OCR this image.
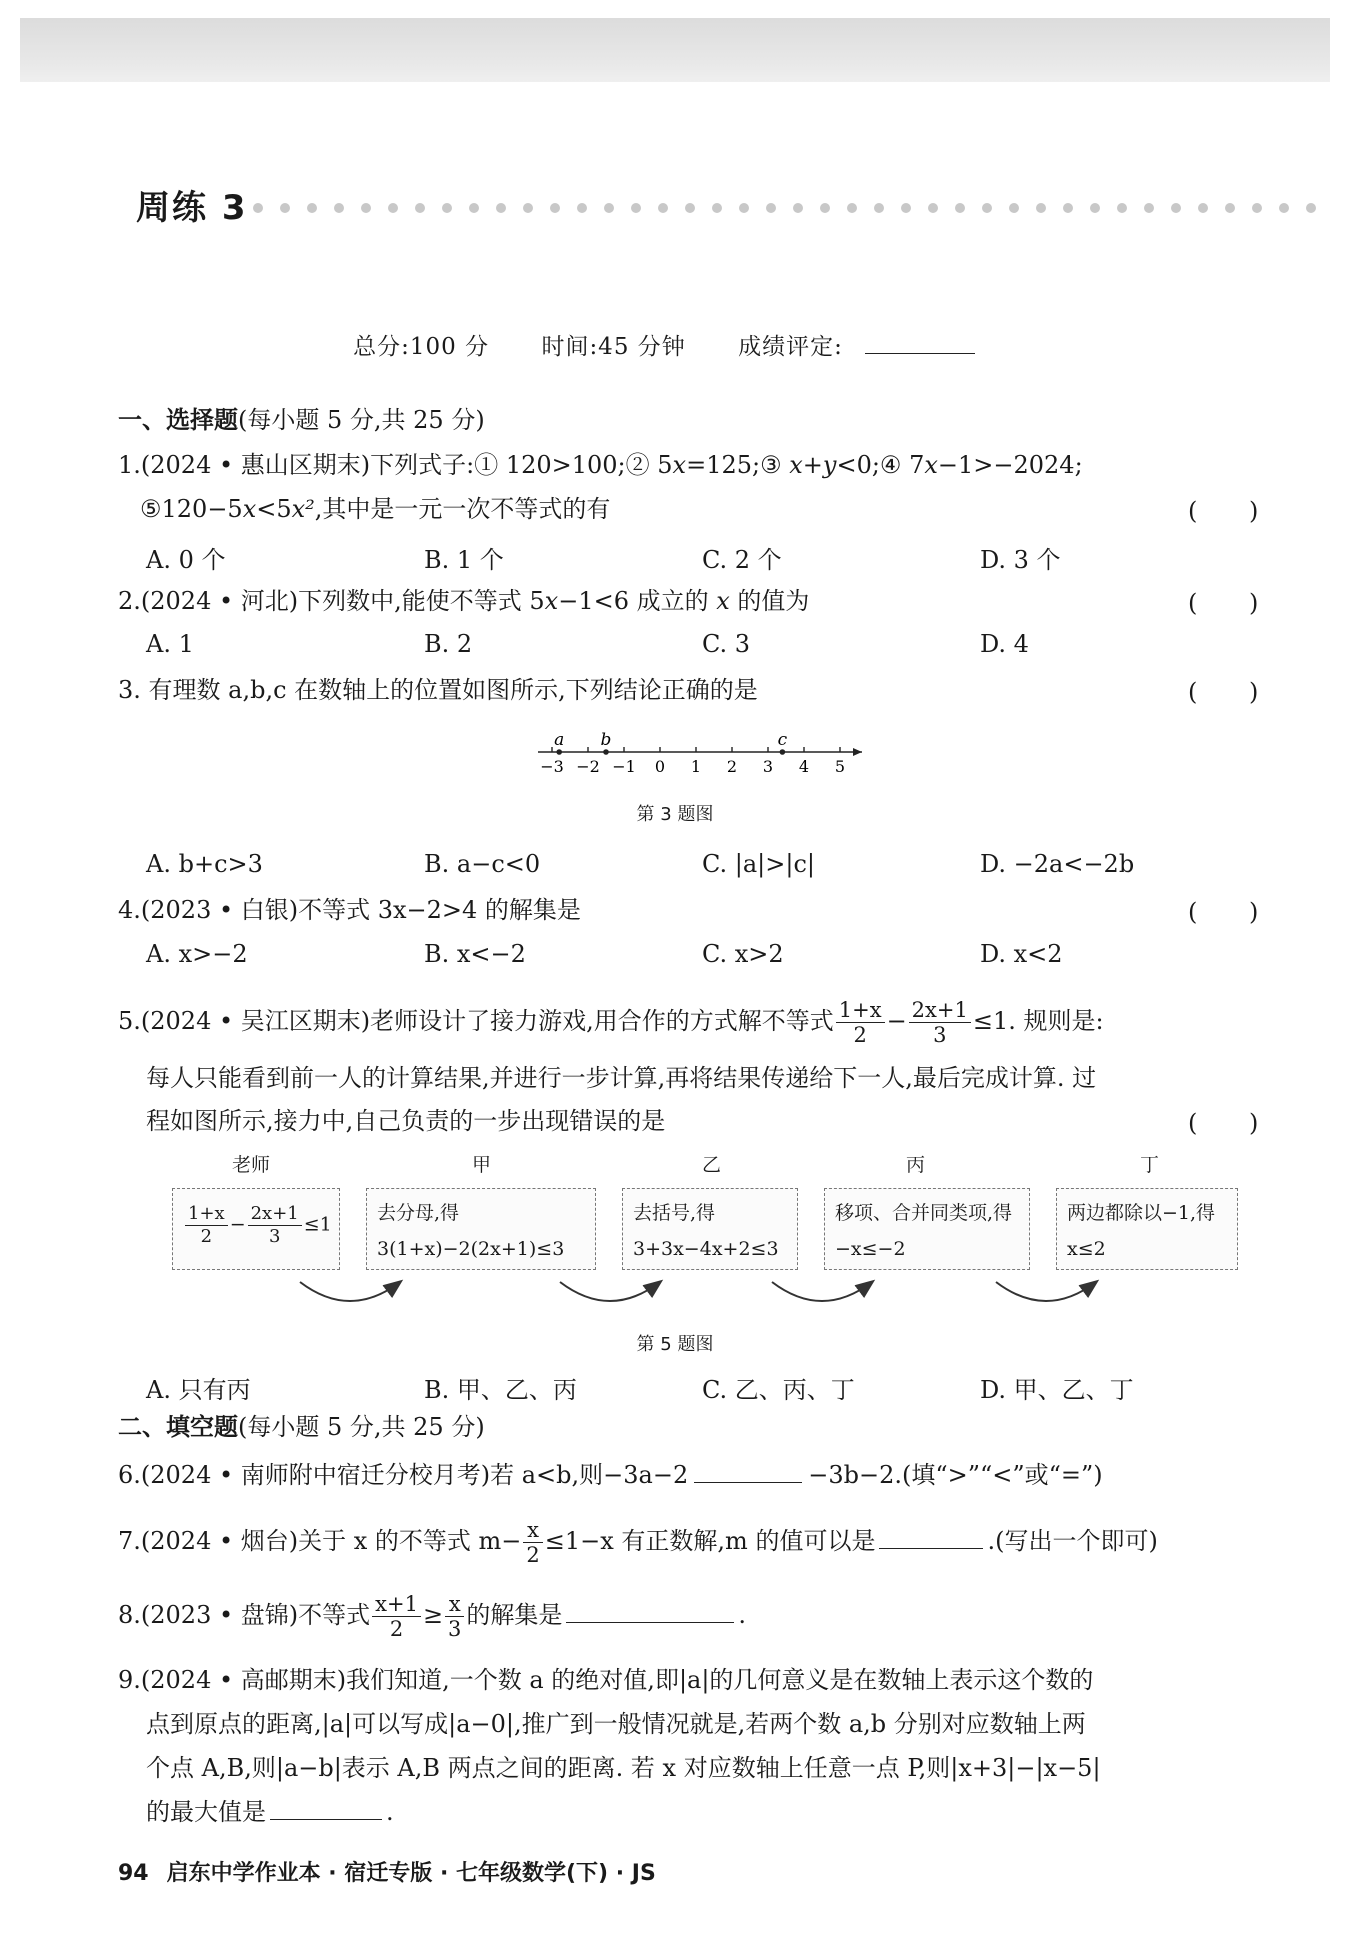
周练 3
总分:100 分 时间:45 分钟 成绩评定:
一、选择题(每小题 5 分,共 25 分)
1.(2024 • 惠山区期末)下列式子:① 120>100;② 5x=125;③ x+y<0;④ 7x−1>−2024;
⑤120−5x<5x²,其中是一元一次不等式的有	( )
A. 0 个	B. 1 个	C. 2 个	D. 3 个
2.(2024 • 河北)下列数中,能使不等式 5x−1<6 成立的 x 的值为	( )
A. 1	B. 2	C. 3	D. 4
3. 有理数 a,b,c 在数轴上的位置如图所示,下列结论正确的是	( )
−3 −2 −1 0 1 2 3 4 5
a b	c
第 3 题图
A. b+c>3	B. a−c<0	C. |a|>|c|	D. −2a<−2b
4.(2023 • 白银)不等式 3x−2>4 的解集是	( )
A. x>−2	B. x<−2	C. x>2	D. x<2
5.(2024 • 吴江区期末)老师设计了接力游戏,用合作的方式解不等式 $\frac{1+x}{2} - \frac{2x+1}{3} \le 1$. 规则是:
每人只能看到前一人的计算结果,并进行一步计算,再将结果传递给下一人,最后完成计算. 过
程如图所示,接力中,自己负责的一步出现错误的是	( )
老师	甲	乙	丙	丁
$\frac{1+x}{2} - \frac{2x+1}{3} \le 1$
去分母,得
3(1+x)−2(2x+1)≤3
去括号,得
3+3x−4x+2≤3
移项、合并同类项,得
−x≤−2
两边都除以−1,得
x≤2
第 5 题图
A. 只有丙	B. 甲、乙、丙	C. 乙、丙、丁	D. 甲、乙、丁
二、填空题(每小题 5 分,共 25 分)
6.(2024 • 南师附中宿迁分校月考)若 a<b,则−3a−2	−3b−2.(填“>”“<”或“=”)
7.(2024 • 烟台)关于 x 的不等式 $m- \frac{x}{2} \le 1-x$ 有正数解,m 的值可以是	.(写出一个即可)
8.(2023 • 盘锦)不等式 $\frac{x+1}{2} \ge \frac{x}{3}$ 的解集是	.
9.(2024 • 高邮期末)我们知道,一个数 a 的绝对值,即|a|的几何意义是在数轴上表示这个数的
点到原点的距离,|a|可以写成|a−0|,推广到一般情况就是,若两个数 a,b 分别对应数轴上两
个点 A,B,则|a−b|表示 A,B 两点之间的距离. 若 x 对应数轴上任意一点 P,则|x+3|−|x−5|
的最大值是	.
94 启东中学作业本 · 宿迁专版 · 七年级数学(下) · JS
